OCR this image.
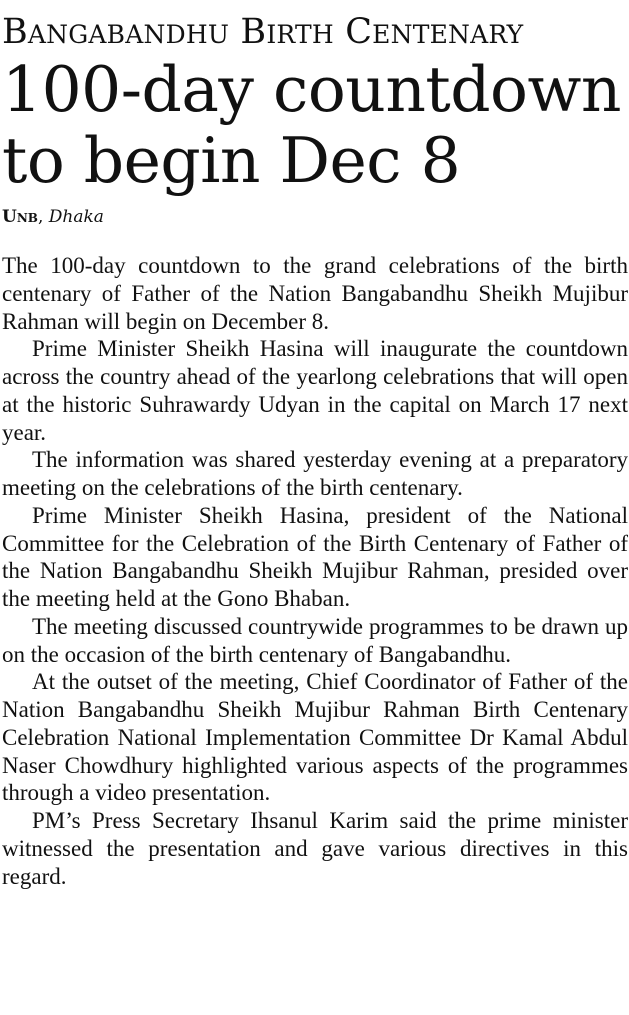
Bangabandhu Birth Centenary
100-day countdown
to begin Dec 8
Unb, Dhaka

The 100-day countdown to the grand celebrations of the birth centenary of Father of the Nation Bangabandhu Sheikh Mujibur Rahman will begin on December 8.

Prime Minister Sheikh Hasina will inaugurate the countdown across the country ahead of the yearlong celebrations that will open at the historic Suhrawardy Udyan in the capital on March 17 next year.

The information was shared yesterday evening at a preparatory meeting on the celebrations of the birth centenary.

Prime Minister Sheikh Hasina, president of the National Committee for the Celebration of the Birth Centenary of Father of the Nation Bangabandhu Sheikh Mujibur Rahman, presided over the meeting held at the Gono Bhaban.

The meeting discussed countrywide programmes to be drawn up on the occasion of the birth centenary of Bangabandhu.

At the outset of the meeting, Chief Coordinator of Father of the Nation Bangabandhu Sheikh Mujibur Rahman Birth Centenary Celebration National Implementation Committee Dr Kamal Abdul Naser Chowdhury highlighted various aspects of the programmes through a video presentation.

PM’s Press Secretary Ihsanul Karim said the prime minister witnessed the presentation and gave various directives in this regard.
